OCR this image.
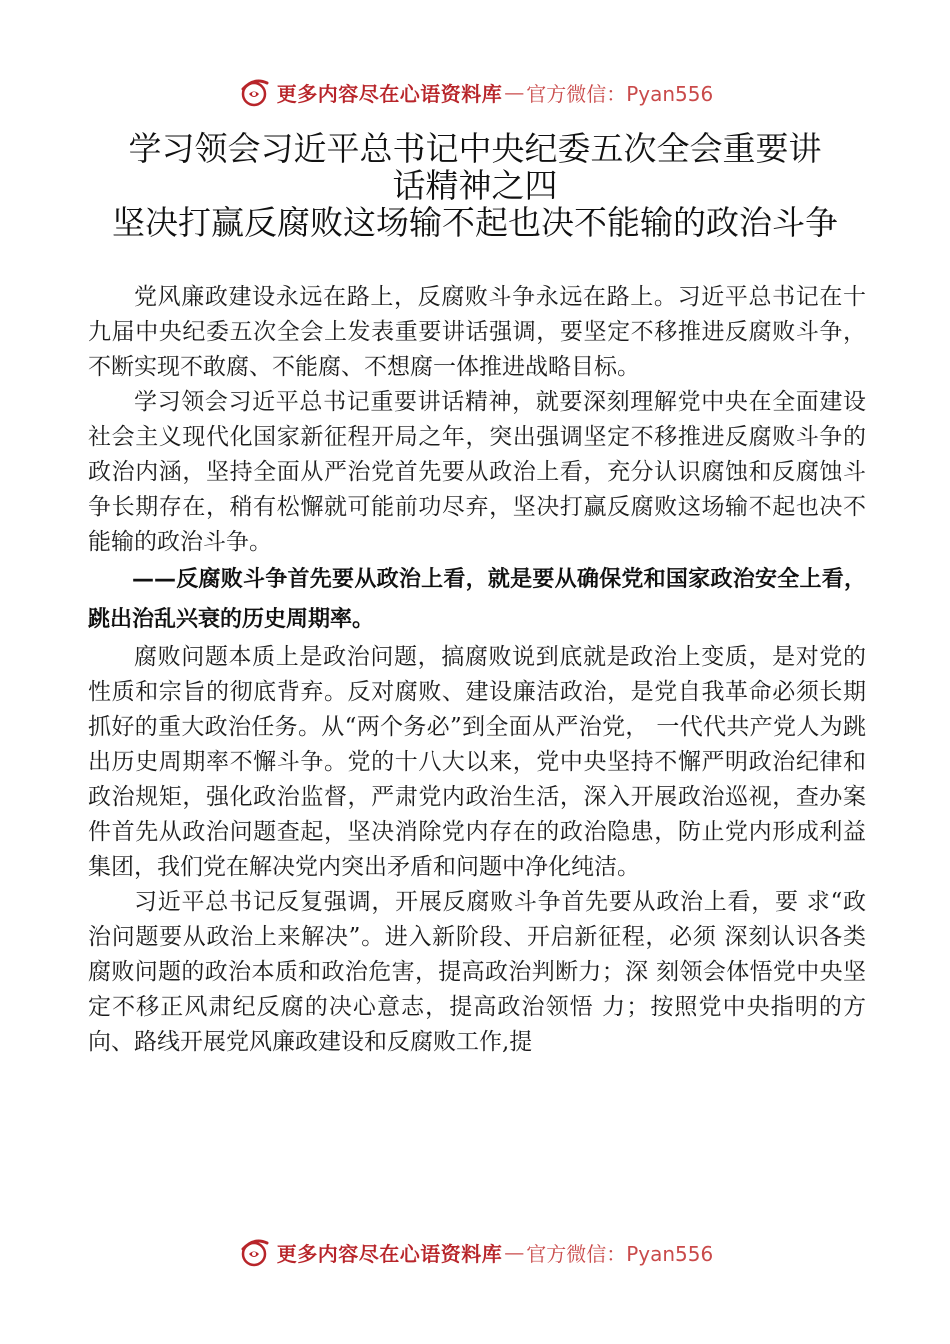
更多内容尽在心语资料库 — 官方微信：Pyan556
学习领会习近平总书记中央纪委五次全会重要讲
话精神之四
坚决打赢反腐败这场输不起也决不能输的政治斗争

党风廉政建设永远在路上，反腐败斗争永远在路上。习近平总书记在十九届中央纪委五次全会上发表重要讲话强调，要坚定不移推进反腐败斗争，不断实现不敢腐、不能腐、不想腐一体推进战略目标。

学习领会习近平总书记重要讲话精神，就要深刻理解党中央在全面建设社会主义现代化国家新征程开局之年，突出强调坚定不移推进反腐败斗争的政治内涵，坚持全面从严治党首先要从政治上看，充分认识腐蚀和反腐蚀斗争长期存在，稍有松懈就可能前功尽弃，坚决打赢反腐败这场输不起也决不能输的政治斗争。

——反腐败斗争首先要从政治上看，就是要从确保党和国家政治安全上看，跳出治乱兴衰的历史周期率。

腐败问题本质上是政治问题，搞腐败说到底就是政治上变质，是对党的性质和宗旨的彻底背弃。反对腐败、建设廉洁政治，是党自我革命必须长期抓好的重大政治任务。从“两个务必”到全面从严治党， 一代代共产党人为跳出历史周期率不懈斗争。党的十八大以来，党中央坚持不懈严明政治纪律和政治规矩，强化政治监督，严肃党内政治生活，深入开展政治巡视，查办案件首先从政治问题查起，坚决消除党内存在的政治隐患，防止党内形成利益集团，我们党在解决党内突出矛盾和问题中净化纯洁。

习近平总书记反复强调，开展反腐败斗争首先要从政治上看，要 求“政治问题要从政治上来解决”。进入新阶段、开启新征程，必须 深刻认识各类腐败问题的政治本质和政治危害，提高政治判断力；深 刻领会体悟党中央坚定不移正风肃纪反腐的决心意志，提高政治领悟 力；按照党中央指明的方向、路线开展党风廉政建设和反腐败工作,提

更多内容尽在心语资料库 — 官方微信：Pyan556
